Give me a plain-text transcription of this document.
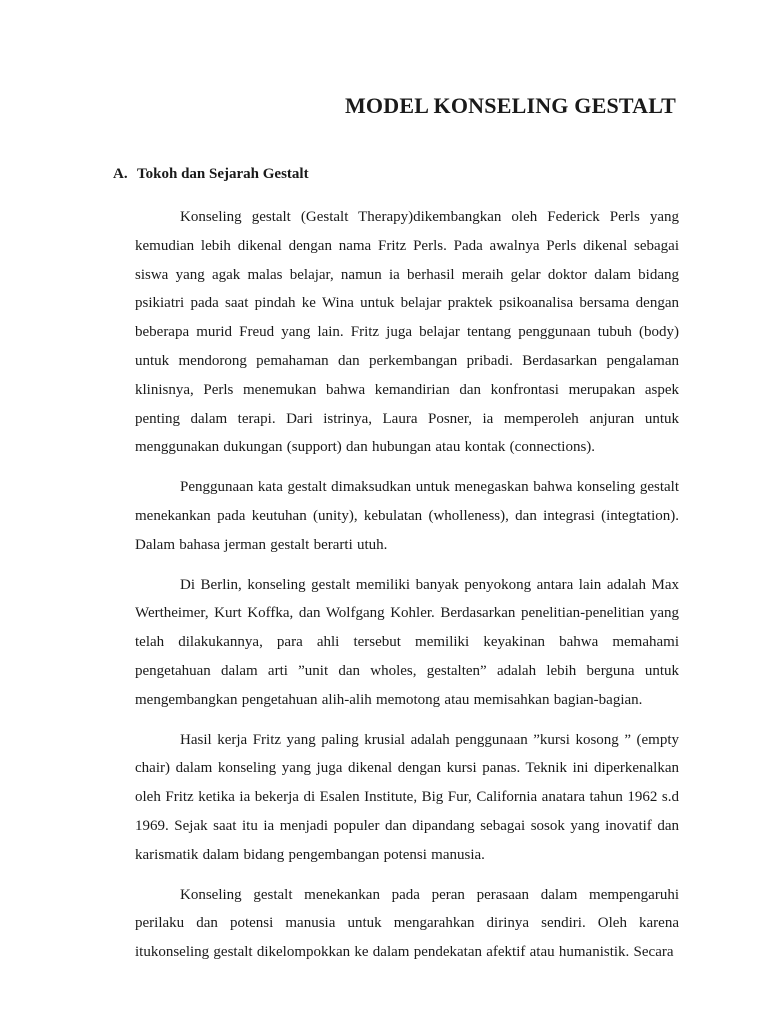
MODEL KONSELING GESTALT
A. Tokoh dan Sejarah Gestalt

Konseling gestalt (Gestalt Therapy)dikembangkan oleh Federick Perls yang kemudian lebih dikenal dengan nama Fritz Perls. Pada awalnya Perls dikenal sebagai siswa yang agak malas belajar, namun ia berhasil meraih gelar doktor dalam bidang psikiatri pada saat pindah ke Wina untuk belajar praktek psikoanalisa bersama dengan beberapa murid Freud yang lain. Fritz juga belajar tentang penggunaan tubuh (body) untuk mendorong pemahaman dan perkembangan pribadi. Berdasarkan pengalaman klinisnya, Perls menemukan bahwa kemandirian dan konfrontasi merupakan aspek penting dalam terapi. Dari istrinya, Laura Posner, ia memperoleh anjuran untuk menggunakan dukungan (support) dan hubungan atau kontak (connections).

Penggunaan kata gestalt dimaksudkan untuk menegaskan bahwa konseling gestalt menekankan pada keutuhan (unity), kebulatan (wholleness), dan integrasi (integtation). Dalam bahasa jerman gestalt berarti utuh.

Di Berlin, konseling gestalt memiliki banyak penyokong antara lain adalah Max Wertheimer, Kurt Koffka, dan Wolfgang Kohler. Berdasarkan penelitian-penelitian yang telah dilakukannya, para ahli tersebut memiliki keyakinan bahwa memahami pengetahuan dalam arti ”unit dan wholes, gestalten” adalah lebih berguna untuk mengembangkan pengetahuan alih-alih memotong atau memisahkan bagian-bagian.

Hasil kerja Fritz yang paling krusial adalah penggunaan ”kursi kosong ” (empty chair) dalam konseling yang juga dikenal dengan kursi panas. Teknik ini diperkenalkan oleh Fritz ketika ia bekerja di Esalen Institute, Big Fur, California anatara tahun 1962 s.d 1969. Sejak saat itu ia menjadi populer dan dipandang sebagai sosok yang inovatif dan karismatik dalam bidang pengembangan potensi manusia.

Konseling gestalt menekankan pada peran perasaan dalam mempengaruhi perilaku dan potensi manusia untuk mengarahkan dirinya sendiri. Oleh karena itukonseling gestalt dikelompokkan ke dalam pendekatan afektif atau humanistik. Secara
